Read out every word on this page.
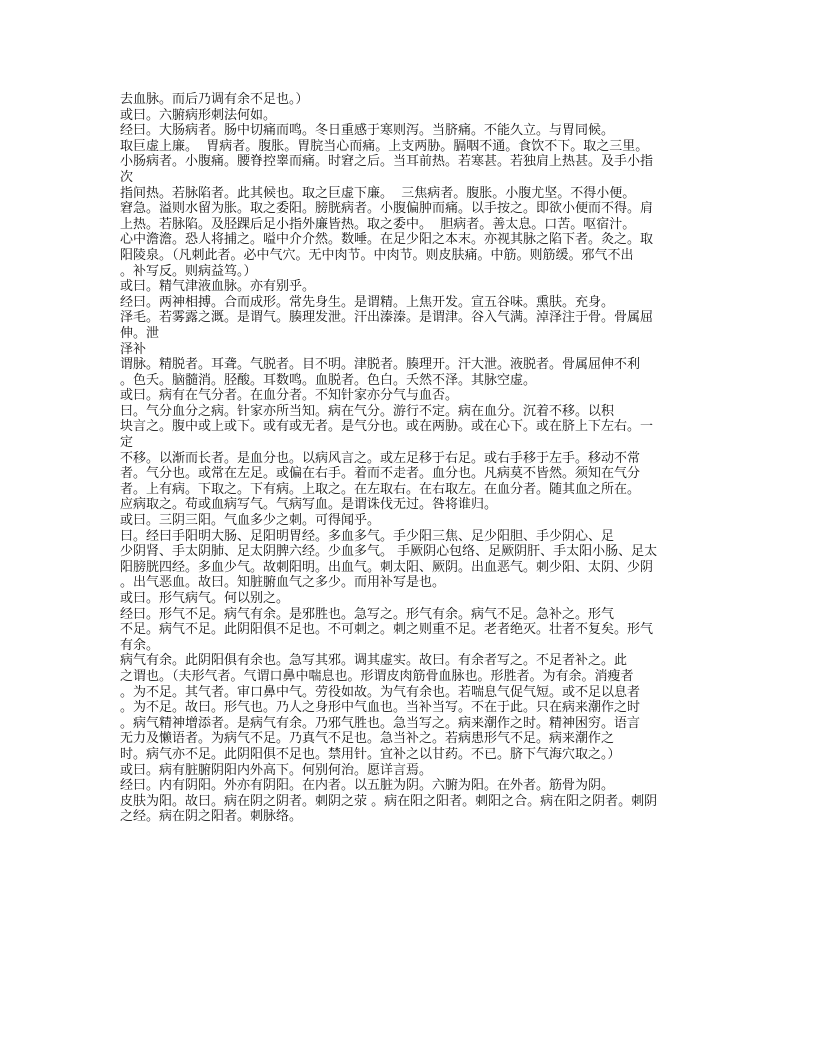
去血脉。而后乃调有余不足也。）
或曰。六腑病形刺法何如。
经曰。大肠病者。肠中切痛而鸣。冬日重感于寒则泻。当脐痛。不能久立。与胃同候。
取巨虚上廉。  胃病者。腹胀。胃脘当心而痛。上支两胁。膈咽不通。食饮不下。取之三里。
小肠病者。小腹痛。腰脊控睾而痛。时窘之后。当耳前热。若寒甚。若独肩上热甚。及手小指
次
指间热。若脉陷者。此其候也。取之巨虚下廉。  三焦病者。腹胀。小腹尤坚。不得小便。
窘急。溢则水留为胀。取之委阳。膀胱病者。小腹偏肿而痛。以手按之。即欲小便而不得。肩
上热。若脉陷。及胫踝后足小指外廉皆热。取之委中。  胆病者。善太息。口苦。呕宿汁。
心中澹澹。恐人将捕之。嗌中介介然。数唾。在足少阳之本末。亦视其脉之陷下者。灸之。取
阳陵泉。（凡刺此者。必中气穴。无中肉节。中肉节。则皮肤痛。中筋。则筋缓。邪气不出
。补写反。则病益笃。）
或曰。精气津液血脉。亦有别乎。
经曰。两神相搏。合而成形。常先身生。是谓精。上焦开发。宣五谷味。熏肤。充身。
泽毛。若雾露之溉。是谓气。腠理发泄。汗出溱溱。是谓津。谷入气满。淖泽注于骨。骨属屈
伸。泄
泽补
谓脉。精脱者。耳聋。气脱者。目不明。津脱者。腠理开。汗大泄。液脱者。骨属屈伸不利
。色夭。脑髓消。胫酸。耳数鸣。血脱者。色白。夭然不泽。其脉空虚。
或曰。病有在气分者。在血分者。不知针家亦分气与血否。
曰。气分血分之病。针家亦所当知。病在气分。游行不定。病在血分。沉着不移。以积
块言之。腹中或上或下。或有或无者。是气分也。或在两胁。或在心下。或在脐上下左右。一
定
不移。以渐而长者。是血分也。以病风言之。或左足移于右足。或右手移于左手。移动不常
者。气分也。或常在左足。或偏在右手。着而不走者。血分也。凡病莫不皆然。须知在气分
者。上有病。下取之。下有病。上取之。在左取右。在右取左。在血分者。随其血之所在。
应病取之。苟或血病写气。气病写血。是谓诛伐无过。咎将谁归。
或曰。三阴三阳。气血多少之刺。可得闻乎。
曰。经曰手阳明大肠、足阳明胃经。多血多气。手少阳三焦、足少阳胆、手少阴心、足
少阴肾、手太阴肺、足太阴脾六经。少血多气。 手厥阴心包络、足厥阴肝、手太阳小肠、足太
阳膀胱四经。多血少气。故刺阳明。出血气。刺太阳、厥阴。出血恶气。刺少阳、太阴、少阴
。出气恶血。故曰。知脏腑血气之多少。而用补写是也。
或曰。形气病气。何以别之。
经曰。形气不足。病气有余。是邪胜也。急写之。形气有余。病气不足。急补之。形气
不足。病气不足。此阴阳俱不足也。不可刺之。刺之则重不足。老者绝灭。壮者不复矣。形气
有余。
病气有余。此阴阳俱有余也。急写其邪。调其虚实。故曰。有余者写之。不足者补之。此
之谓也。（夫形气者。气谓口鼻中喘息也。形谓皮肉筋骨血脉也。形胜者。为有余。消瘦者
。为不足。其气者。审口鼻中气。劳役如故。为气有余也。若喘息气促气短。或不足以息者
。为不足。故曰。形气也。乃人之身形中气血也。当补当写。不在于此。只在病来潮作之时
。病气精神增添者。是病气有余。乃邪气胜也。急当写之。病来潮作之时。精神困穷。语言
无力及懒语者。为病气不足。乃真气不足也。急当补之。若病患形气不足。病来潮作之
时。病气亦不足。此阴阳俱不足也。禁用针。宜补之以甘药。不已。脐下气海穴取之。）
或曰。病有脏腑阴阳内外高下。何别何治。愿详言焉。
经曰。内有阴阳。外亦有阴阳。在内者。以五脏为阴。六腑为阳。在外者。筋骨为阴。
皮肤为阳。故曰。病在阴之阴者。刺阴之荥 。病在阳之阳者。刺阳之合。病在阳之阴者。刺阴
之经。病在阴之阳者。刺脉络。
